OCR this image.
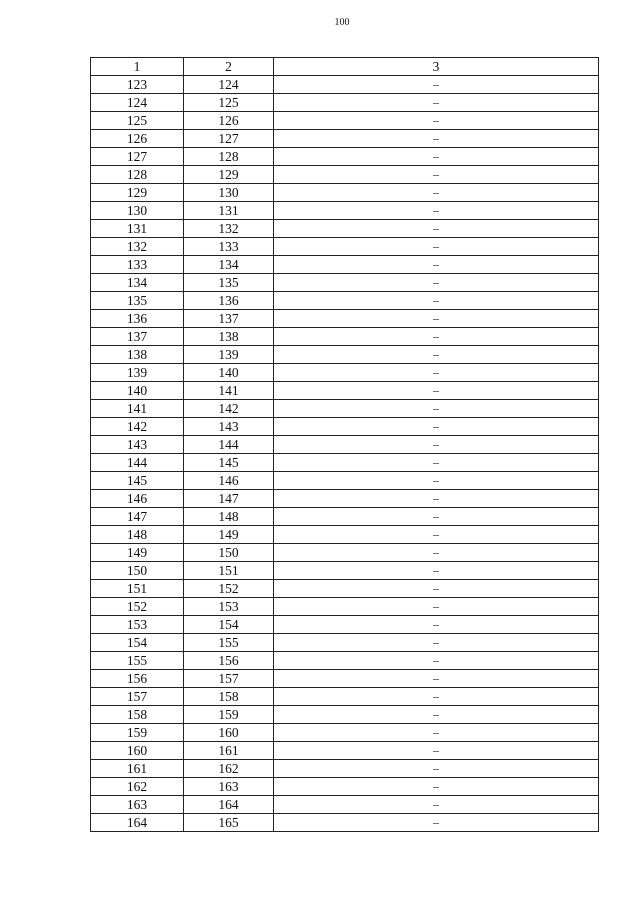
100
1	2	3
123	124	–
124	125	–
125	126	–
126	127	–
127	128	–
128	129	–
129	130	–
130	131	–
131	132	–
132	133	–
133	134	–
134	135	–
135	136	–
136	137	–
137	138	–
138	139	–
139	140	–
140	141	–
141	142	–
142	143	–
143	144	–
144	145	–
145	146	–
146	147	–
147	148	–
148	149	–
149	150	–
150	151	–
151	152	–
152	153	–
153	154	–
154	155	–
155	156	–
156	157	–
157	158	–
158	159	–
159	160	–
160	161	–
161	162	–
162	163	–
163	164	–
164	165	–
